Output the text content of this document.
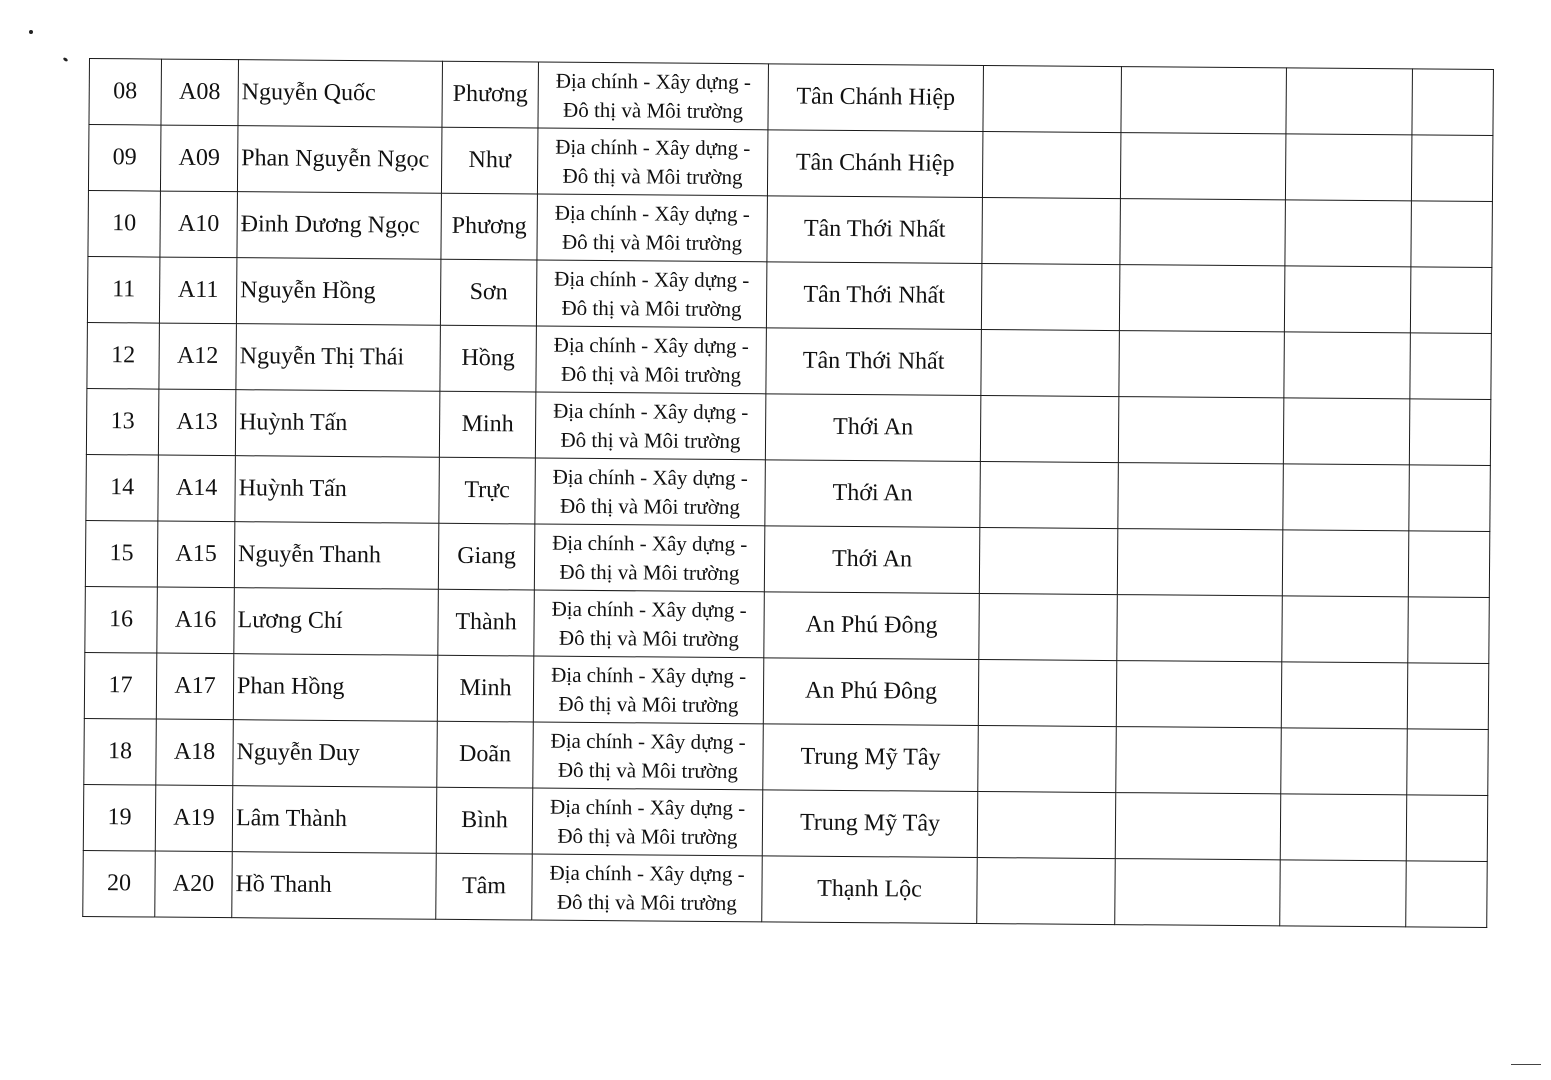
08	A08	Nguyễn Quốc	Phương	Địa chính - Xây dựng -
Đô thị và Môi trường	Tân Chánh Hiệp				
09	A09	Phan Nguyễn Ngọc	Như	Địa chính - Xây dựng -
Đô thị và Môi trường	Tân Chánh Hiệp				
10	A10	Đinh Dương Ngọc	Phương	Địa chính - Xây dựng -
Đô thị và Môi trường	Tân Thới Nhất				
11	A11	Nguyễn Hồng	Sơn	Địa chính - Xây dựng -
Đô thị và Môi trường	Tân Thới Nhất				
12	A12	Nguyễn Thị Thái	Hồng	Địa chính - Xây dựng -
Đô thị và Môi trường	Tân Thới Nhất				
13	A13	Huỳnh Tấn	Minh	Địa chính - Xây dựng -
Đô thị và Môi trường	Thới An				
14	A14	Huỳnh Tấn	Trực	Địa chính - Xây dựng -
Đô thị và Môi trường	Thới An				
15	A15	Nguyễn Thanh	Giang	Địa chính - Xây dựng -
Đô thị và Môi trường	Thới An				
16	A16	Lương Chí	Thành	Địa chính - Xây dựng -
Đô thị và Môi trường	An Phú Đông				
17	A17	Phan Hồng	Minh	Địa chính - Xây dựng -
Đô thị và Môi trường	An Phú Đông				
18	A18	Nguyễn Duy	Doãn	Địa chính - Xây dựng -
Đô thị và Môi trường	Trung Mỹ Tây				
19	A19	Lâm Thành	Bình	Địa chính - Xây dựng -
Đô thị và Môi trường	Trung Mỹ Tây				
20	A20	Hồ Thanh	Tâm	Địa chính - Xây dựng -
Đô thị và Môi trường	Thạnh Lộc				
